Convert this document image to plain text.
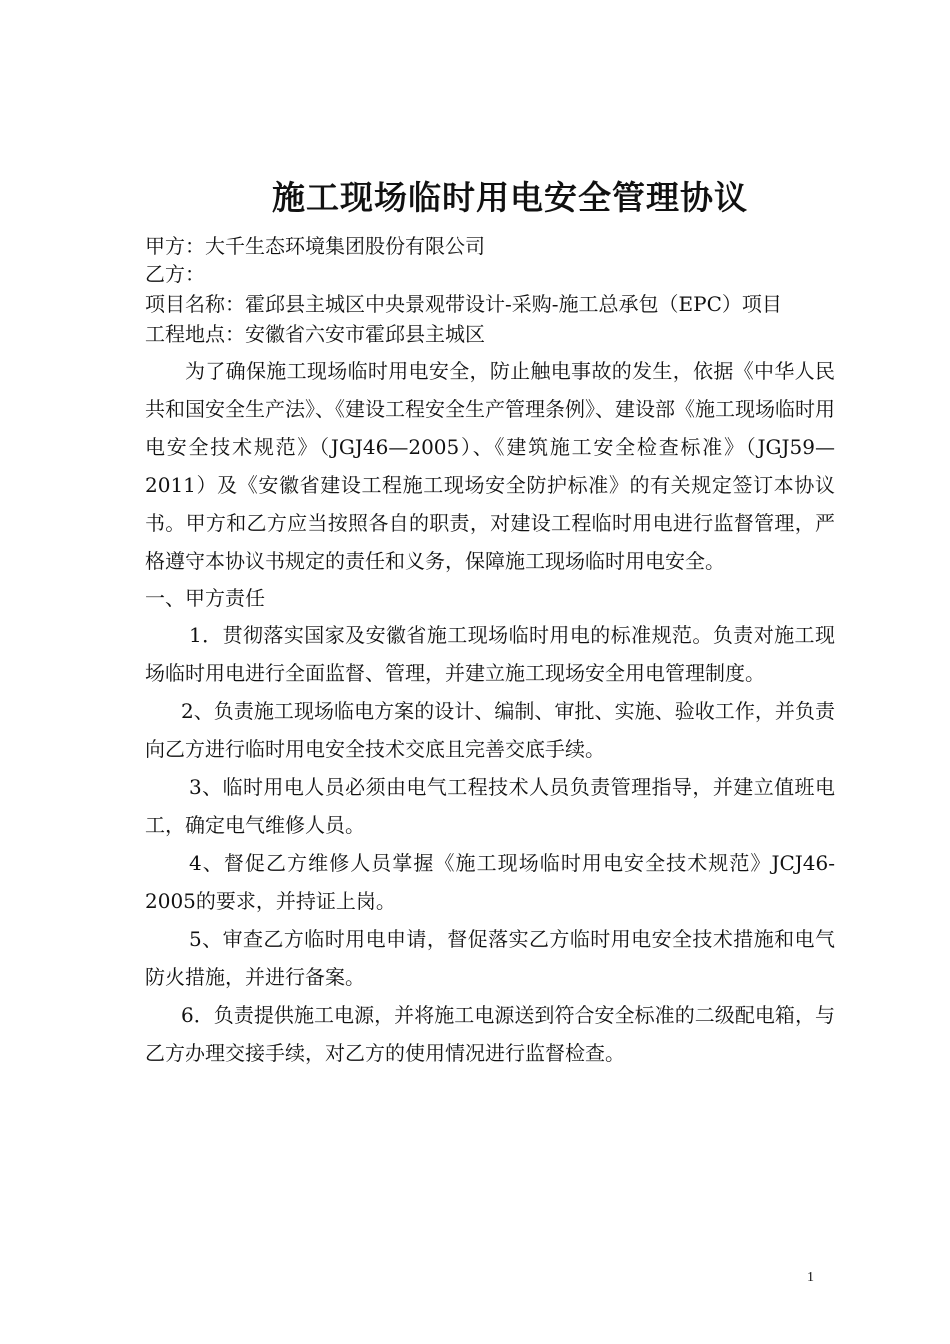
施工现场临时用电安全管理协议

甲方：大千生态环境集团股份有限公司

乙方：

项目名称：霍邱县主城区中央景观带设计-采购-施工总承包（EPC）项目

工程地点：安徽省六安市霍邱县主城区

为了确保施工现场临时用电安全，防止触电事故的发生，依据《中华人民共和国安全生产法》、《建设工程安全生产管理条例》、建设部《施工现场临时用电安全技术规范》（JGJ46—2005）、《建筑施工安全检查标准》（JGJ59—2011）及《安徽省建设工程施工现场安全防护标准》的有关规定签订本协议书。甲方和乙方应当按照各自的职责，对建设工程临时用电进行监督管理，严格遵守本协议书规定的责任和义务，保障施工现场临时用电安全。

一、甲方责任

1．贯彻落实国家及安徽省施工现场临时用电的标准规范。负责对施工现场临时用电进行全面监督、管理，并建立施工现场安全用电管理制度。

2、负责施工现场临电方案的设计、编制、审批、实施、验收工作，并负责向乙方进行临时用电安全技术交底且完善交底手续。

3、临时用电人员必须由电气工程技术人员负责管理指导，并建立值班电工，确定电气维修人员。

4、督促乙方维修人员掌握《施工现场临时用电安全技术规范》JCJ46-2005的要求，并持证上岗。

5、审查乙方临时用电申请，督促落实乙方临时用电安全技术措施和电气防火措施，并进行备案。

6．负责提供施工电源，并将施工电源送到符合安全标准的二级配电箱，与乙方办理交接手续，对乙方的使用情况进行监督检查。

1
